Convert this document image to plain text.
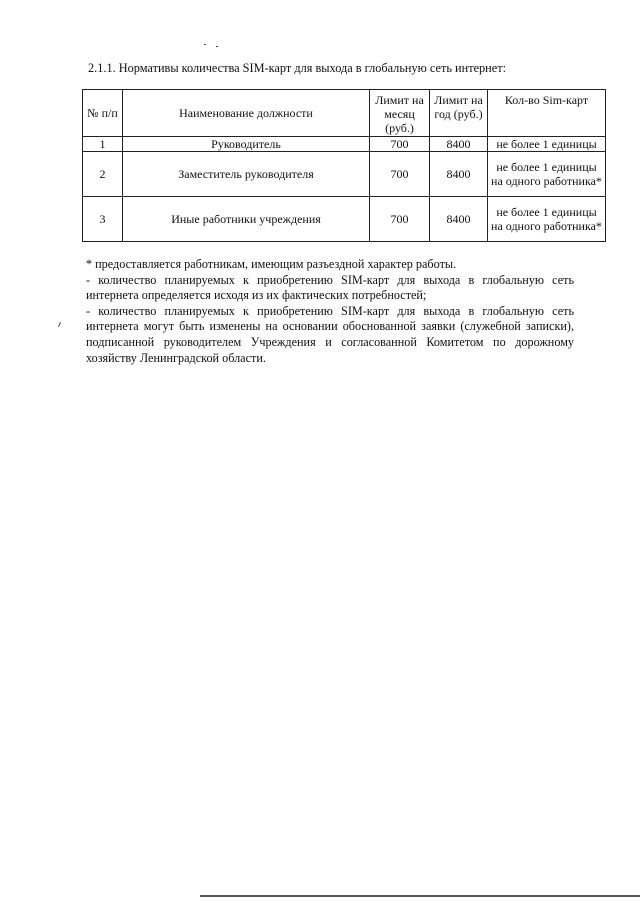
2.1.1. Нормативы количества SIM-карт для выхода в глобальную сеть интернет:
№ п/п	Наименование должности	Лимит на месяц (руб.)	Лимит на год (руб.)	Кол-во Sim-карт
1	Руководитель	700	8400	не более 1 единицы
2	Заместитель руководителя	700	8400	не более 1 единицы на одного работника*
3	Иные работники учреждения	700	8400	не более 1 единицы на одного работника*

* предоставляется работникам, имеющим разъездной характер работы.

- количество планируемых к приобретению SIM-карт для выхода в глобальную сеть интернета определяется исходя из их фактических потребностей;

- количество планируемых к приобретению SIM-карт для выхода в глобальную сеть интернета могут быть изменены на основании обоснованной заявки (служебной записки), подписанной руководителем Учреждения и согласованной Комитетом по дорожному хозяйству Ленинградской области.
